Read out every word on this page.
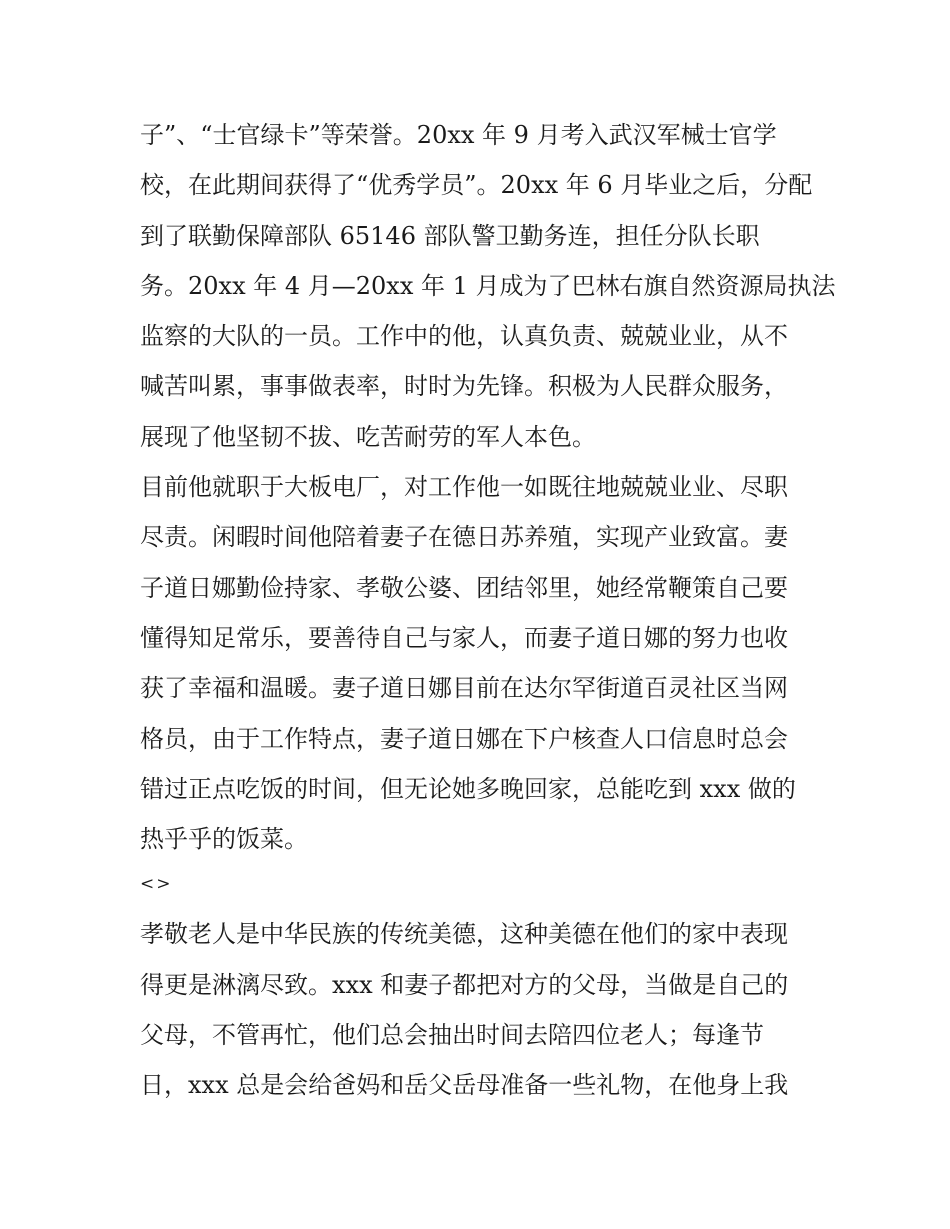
子”、“士官绿卡”等荣誉。20xx 年 9 月考入武汉军械士官学
校，在此期间获得了“优秀学员”。20xx 年 6 月毕业之后，分配
到了联勤保障部队 65146 部队警卫勤务连，担任分队长职
务。20xx 年 4 月—20xx 年 1 月成为了巴林右旗自然资源局执法
监察的大队的一员。工作中的他，认真负责、兢兢业业，从不
喊苦叫累，事事做表率，时时为先锋。积极为人民群众服务，
展现了他坚韧不拔、吃苦耐劳的军人本色。
目前他就职于大板电厂，对工作他一如既往地兢兢业业、尽职
尽责。闲暇时间他陪着妻子在德日苏养殖，实现产业致富。妻
子道日娜勤俭持家、孝敬公婆、团结邻里，她经常鞭策自己要
懂得知足常乐，要善待自己与家人，而妻子道日娜的努力也收
获了幸福和温暖。妻子道日娜目前在达尔罕街道百灵社区当网
格员，由于工作特点，妻子道日娜在下户核查人口信息时总会
错过正点吃饭的时间，但无论她多晚回家，总能吃到 xxx 做的
热乎乎的饭菜。
<>
孝敬老人是中华民族的传统美德，这种美德在他们的家中表现
得更是淋漓尽致。xxx 和妻子都把对方的父母，当做是自己的
父母，不管再忙，他们总会抽出时间去陪四位老人；每逢节
日，xxx 总是会给爸妈和岳父岳母准备一些礼物，在他身上我
